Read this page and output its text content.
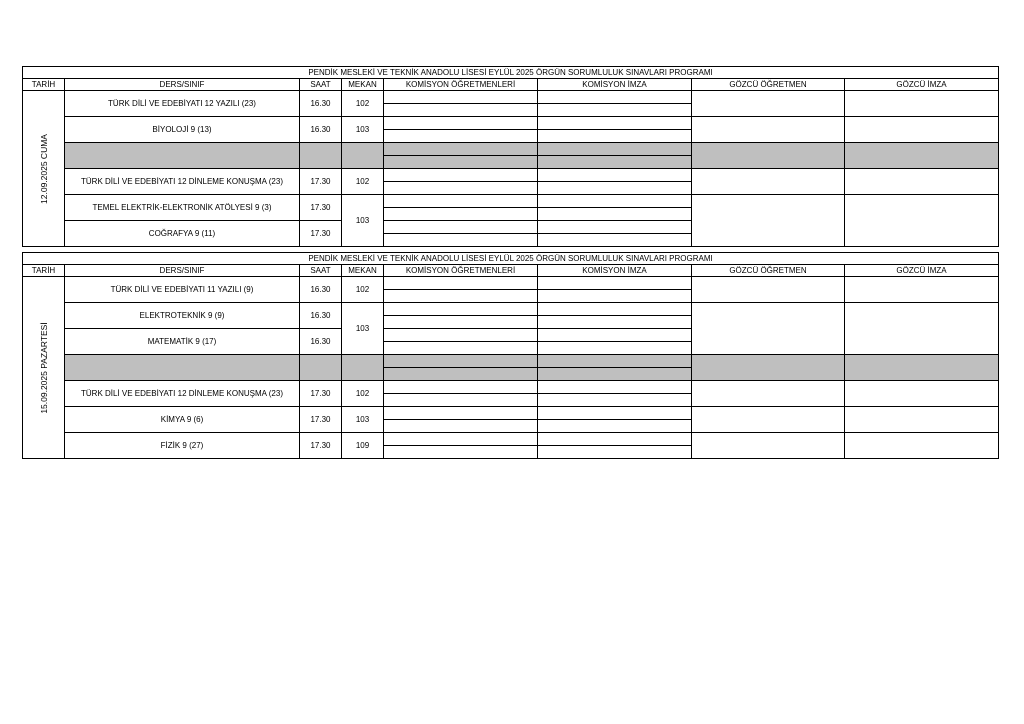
PENDİK MESLEKİ VE TEKNİK ANADOLU LİSESİ EYLÜL 2025 ÖRGÜN SORUMLULUK SINAVLARI PROGRAMI							
TARİH	DERS/SINIF	SAAT	MEKAN	KOMİSYON ÖĞRETMENLERİ	KOMİSYON İMZA	GÖZCÜ ÖĞRETMEN	GÖZCÜ İMZA

12.09.2025 CUMA	TÜRK DİLİ VE EDEBİYATI 12 YAZILI (23)	16.30	102				

	BİYOLOJİ 9 (13)	16.30	103				

	TÜRK DİLİ VE EDEBİYATI 12 DİNLEME KONUŞMA (23)	17.30	102				

	TEMEL ELEKTRİK-ELEKTRONİK ATÖLYESİ 9 (3)	17.30	103				

	COĞRAFYA 9 (11)	17.30					

PENDİK MESLEKİ VE TEKNİK ANADOLU LİSESİ EYLÜL 2025 ÖRGÜN SORUMLULUK SINAVLARI PROGRAMI							
TARİH	DERS/SINIF	SAAT	MEKAN	KOMİSYON ÖĞRETMENLERİ	KOMİSYON İMZA	GÖZCÜ ÖĞRETMEN	GÖZCÜ İMZA

15.09.2025 PAZARTESİ	TÜRK DİLİ VE EDEBİYATI 11 YAZILI (9)	16.30	102				

	ELEKTROTEKNİK 9 (9)	16.30	103				

	MATEMATİK 9 (17)	16.30					

	TÜRK DİLİ VE EDEBİYATI 12 DİNLEME KONUŞMA (23)	17.30	102				

	KİMYA 9 (6)	17.30	103				

	FİZİK 9 (27)	17.30	109				
